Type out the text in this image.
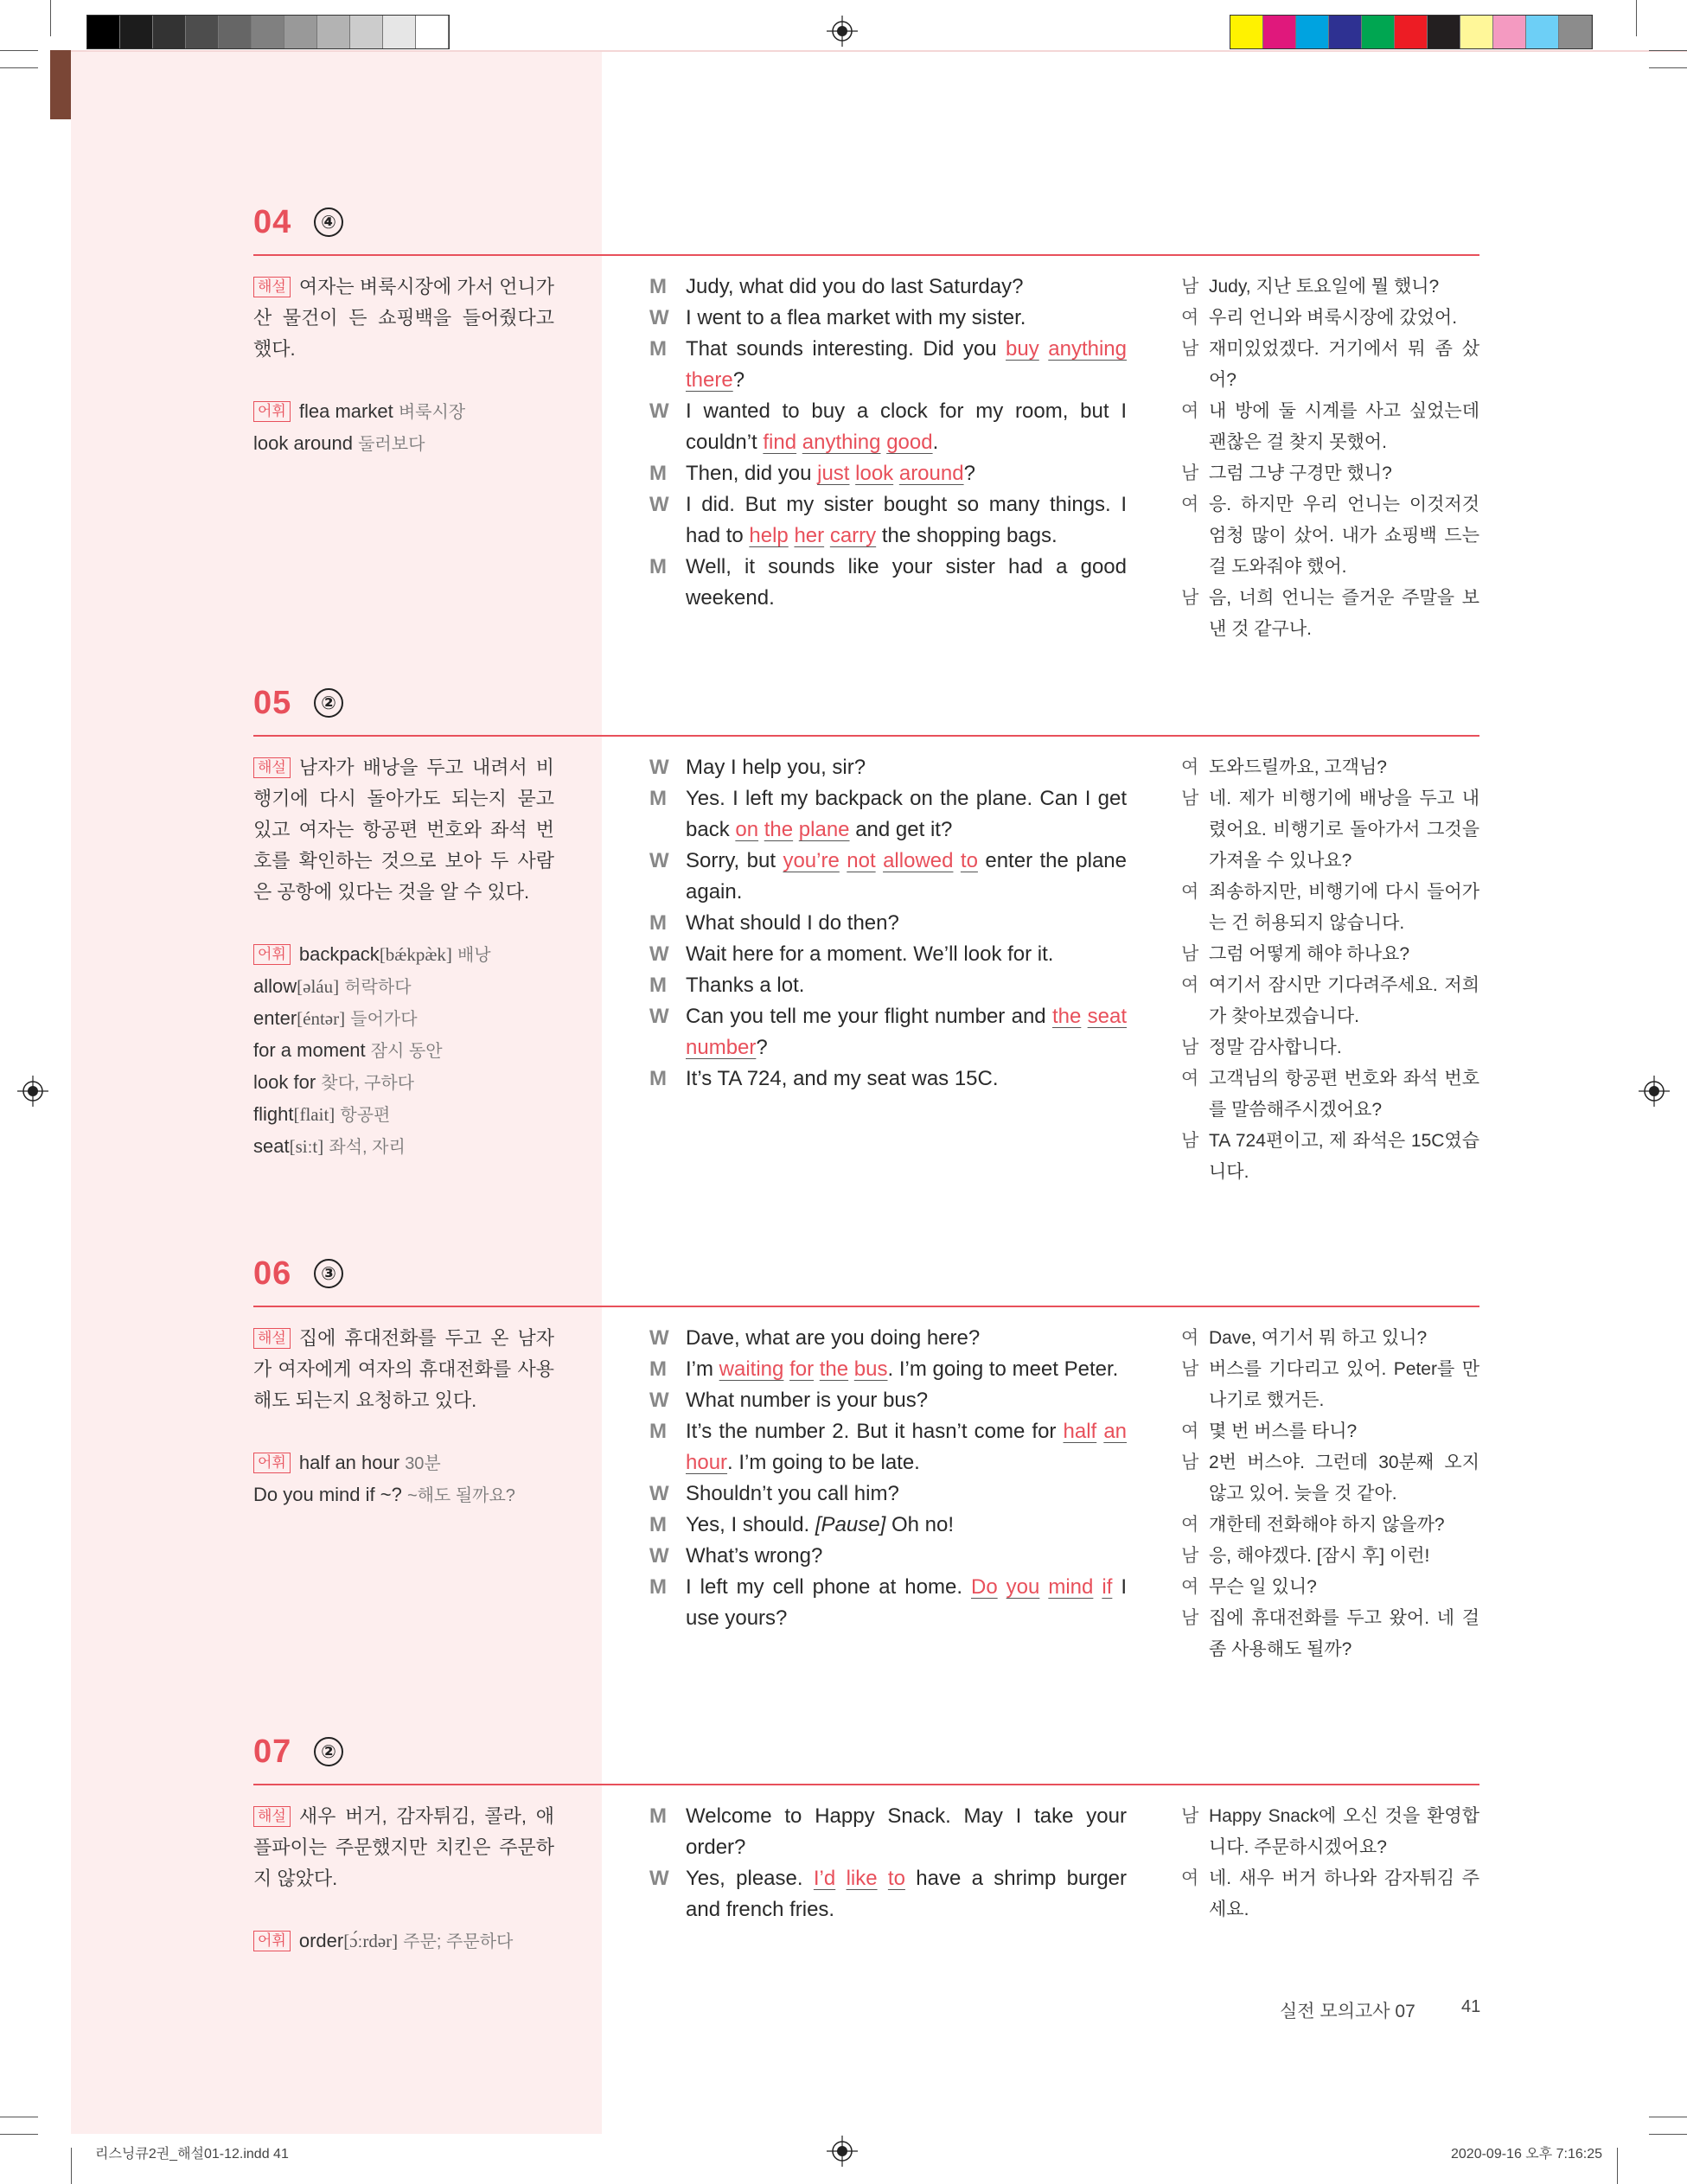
04	④
해설 여자는 벼룩시장에 가서 언니가 산 물건이 든 쇼핑백을 들어줬다고 했다.
어휘 flea market 벼룩시장
look around 둘러보다
M Judy, what did you do last Saturday?
W I went to a flea market with my sister.
M That sounds interesting. Did you buy anything there?
W I wanted to buy a clock for my room, but I couldn’t find anything good.
M Then, did you just look around?
W I did. But my sister bought so many things. I had to help her carry the shopping bags.
M Well, it sounds like your sister had a good weekend.
남 Judy, 지난 토요일에 뭘 했니?
여 우리 언니와 벼룩시장에 갔었어.
남 재미있었겠다. 거기에서 뭐 좀 샀어?
여 내 방에 둘 시계를 사고 싶었는데 괜찮은 걸 찾지 못했어.
남 그럼 그냥 구경만 했니?
여 응. 하지만 우리 언니는 이것저것 엄청 많이 샀어. 내가 쇼핑백 드는 걸 도와줘야 했어.
남 음, 너희 언니는 즐거운 주말을 보낸 것 같구나.
05	②
해설 남자가 배낭을 두고 내려서 비행기에 다시 돌아가도 되는지 묻고 있고 여자는 항공편 번호와 좌석 번호를 확인하는 것으로 보아 두 사람은 공항에 있다는 것을 알 수 있다.
어휘 backpack[bǽkpæ̀k] 배낭
allow[əláu] 허락하다
enter[éntər] 들어가다
for a moment 잠시 동안
look for 찾다, 구하다
flight[flait] 항공편
seat[siːt] 좌석, 자리
W May I help you, sir?
M Yes. I left my backpack on the plane. Can I get back on the plane and get it?
W Sorry, but you’re not allowed to enter the plane again.
M What should I do then?
W Wait here for a moment. We’ll look for it.
M Thanks a lot.
W Can you tell me your flight number and the seat number?
M It’s TA 724, and my seat was 15C.
여 도와드릴까요, 고객님?
남 네. 제가 비행기에 배낭을 두고 내렸어요. 비행기로 돌아가서 그것을 가져올 수 있나요?
여 죄송하지만, 비행기에 다시 들어가는 건 허용되지 않습니다.
남 그럼 어떻게 해야 하나요?
여 여기서 잠시만 기다려주세요. 저희가 찾아보겠습니다.
남 정말 감사합니다.
여 고객님의 항공편 번호와 좌석 번호를 말씀해주시겠어요?
남 TA 724편이고, 제 좌석은 15C였습니다.
06	③
해설 집에 휴대전화를 두고 온 남자가 여자에게 여자의 휴대전화를 사용해도 되는지 요청하고 있다.
어휘 half an hour 30분
Do you mind if ~? ~해도 될까요?
W Dave, what are you doing here?
M I’m waiting for the bus. I’m going to meet Peter.
W What number is your bus?
M It’s the number 2. But it hasn’t come for half an hour. I’m going to be late.
W Shouldn’t you call him?
M Yes, I should. [Pause] Oh no!
W What’s wrong?
M I left my cell phone at home. Do you mind if I use yours?
여 Dave, 여기서 뭐 하고 있니?
남 버스를 기다리고 있어. Peter를 만나기로 했거든.
여 몇 번 버스를 타니?
남 2번 버스야. 그런데 30분째 오지 않고 있어. 늦을 것 같아.
여 걔한테 전화해야 하지 않을까?
남 응, 해야겠다. [잠시 후] 이런!
여 무슨 일 있니?
남 집에 휴대전화를 두고 왔어. 네 걸 좀 사용해도 될까?
07	②
해설 새우 버거, 감자튀김, 콜라, 애플파이는 주문했지만 치킨은 주문하지 않았다.
어휘 order[ɔ́ːrdər] 주문; 주문하다
M Welcome to Happy Snack. May I take your order?
W Yes, please. I’d like to have a shrimp burger and french fries.
남 Happy Snack에 오신 것을 환영합니다. 주문하시겠어요?
여 네. 새우 버거 하나와 감자튀김 주세요.
실전 모의고사 07	41
리스닝큐2권_해설01-12.indd 41	2020-09-16 오후 7:16:25
